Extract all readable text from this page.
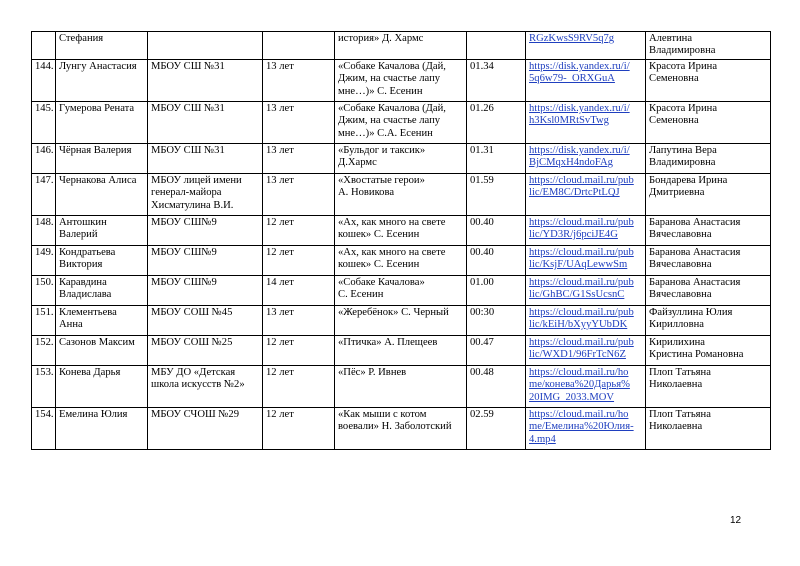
	Стефания			история» Д. Хармс		RGzKwsS9RV5q7g	Алевтина
Владимировна

144.	Лунгу Анастасия	МБОУ СШ №31	13 лет	«Собаке Качалова (Дай,
Джим, на счастье лапу
мне…)» С. Есенин	01.34	https://disk.yandex.ru/i/
5q6w79-_ORXGuA	Красота Ирина
Семеновна

145.	Гумерова Рената	МБОУ СШ №31	13 лет	«Собаке Качалова (Дай,
Джим, на счастье лапу
мне…)» С.А. Есенин	01.26	https://disk.yandex.ru/i/
h3Ksl0MRtSvTwg	Красота Ирина
Семеновна

146.	Чёрная Валерия	МБОУ СШ №31	13 лет	«Бульдог и таксик»
Д.Хармс	01.31	https://disk.yandex.ru/i/
BjCMqxH4ndoFAg	Лапутина Вера
Владимировна

147.	Чернакова Алиса	МБОУ лицей имени
генерал-майора
Хисматулина В.И.	13 лет	«Хвостатые герои»
А. Новикова	01.59	https://cloud.mail.ru/pub
lic/EM8C/DrtcPtLQJ	Бондарева Ирина
Дмитриевна

148.	Антошкин
Валерий	МБОУ СШ№9	12 лет	«Ах, как много на свете
кошек» С. Есенин	00.40	https://cloud.mail.ru/pub
lic/YD3R/j6pciJE4G	Баранова Анастасия
Вячеславовна

149.	Кондратьева
Виктория	МБОУ СШ№9	12 лет	«Ах, как много на свете
кошек» С. Есенин	00.40	https://cloud.mail.ru/pub
lic/KsjF/UAqLewwSm	Баранова Анастасия
Вячеславовна

150.	Каравдина
Владислава	МБОУ СШ№9	14 лет	«Собаке Качалова»
С. Есенин	01.00	https://cloud.mail.ru/pub
lic/GhBC/G1SsUcsnC	Баранова Анастасия
Вячеславовна

151.	Клементьева
Анна	МБОУ СОШ №45	13 лет	«Жеребёнок» С. Черный	00:30	https://cloud.mail.ru/pub
lic/kEiH/bXyyYUbDK	Файзуллина Юлия
Кирилловна

152.	Сазонов Максим	МБОУ СОШ №25	12 лет	«Птичка» А. Плещеев	00.47	https://cloud.mail.ru/pub
lic/WXD1/96FrTcN6Z	Кирилихина
Кристина Романовна

153.	Конева Дарья	МБУ ДО «Детская
школа искусств №2»	12 лет	«Пёс» Р. Ивнев	00.48	https://cloud.mail.ru/ho
me/конева%20Дарья%
20IMG_2033.MOV	Плоп Татьяна
Николаевна

154.	Емелина Юлия	МБОУ СЧОШ №29	12 лет	«Как мыши с котом
воевали» Н. Заболотский	02.59	https://cloud.mail.ru/ho
me/Емелина%20Юлия-
4.mp4	Плоп Татьяна
Николаевна
12
